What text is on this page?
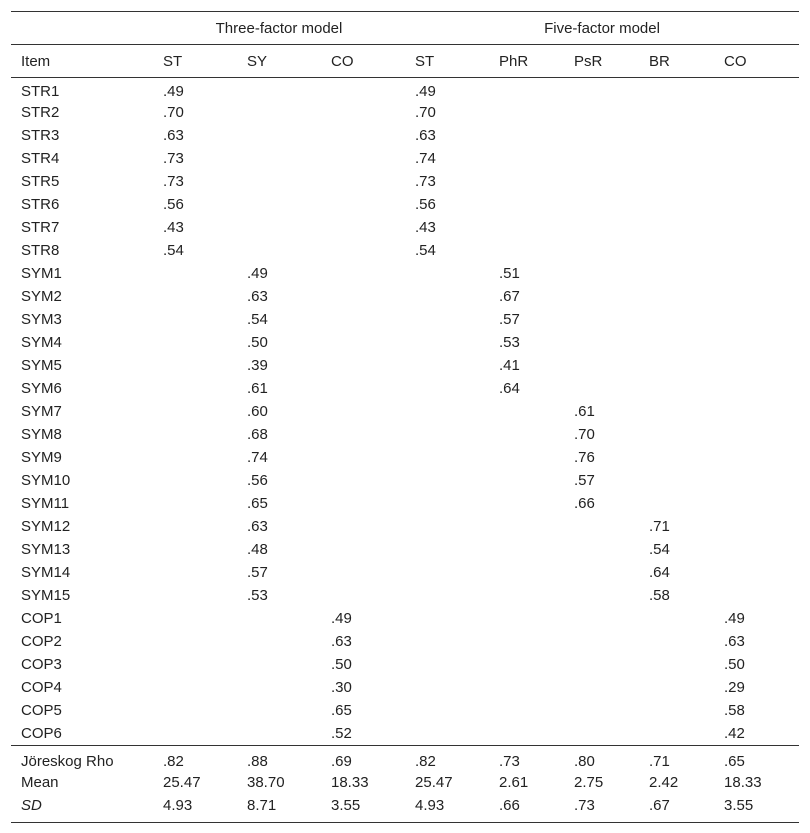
	Three-factor model			Five-factor model				
Item	ST	SY	CO	ST	PhR	PsR	BR	CO
STR1	.49			.49				
STR2	.70			.70				
STR3	.63			.63				
STR4	.73			.74				
STR5	.73			.73				
STR6	.56			.56				
STR7	.43			.43				
STR8	.54			.54				
SYM1		.49			.51			
SYM2		.63			.67			
SYM3		.54			.57			
SYM4		.50			.53			
SYM5		.39			.41			
SYM6		.61			.64			
SYM7		.60				.61		
SYM8		.68				.70		
SYM9		.74				.76		
SYM10		.56				.57		
SYM11		.65				.66		
SYM12		.63					.71	
SYM13		.48					.54	
SYM14		.57					.64	
SYM15		.53					.58	
COP1			.49					.49
COP2			.63					.63
COP3			.50					.50
COP4			.30					.29
COP5			.65					.58
COP6			.52					.42
Jöreskog Rho	.82	.88	.69	.82	.73	.80	.71	.65
Mean	25.47	38.70	18.33	25.47	2.61	2.75	2.42	18.33
SD	4.93	8.71	3.55	4.93	.66	.73	.67	3.55
